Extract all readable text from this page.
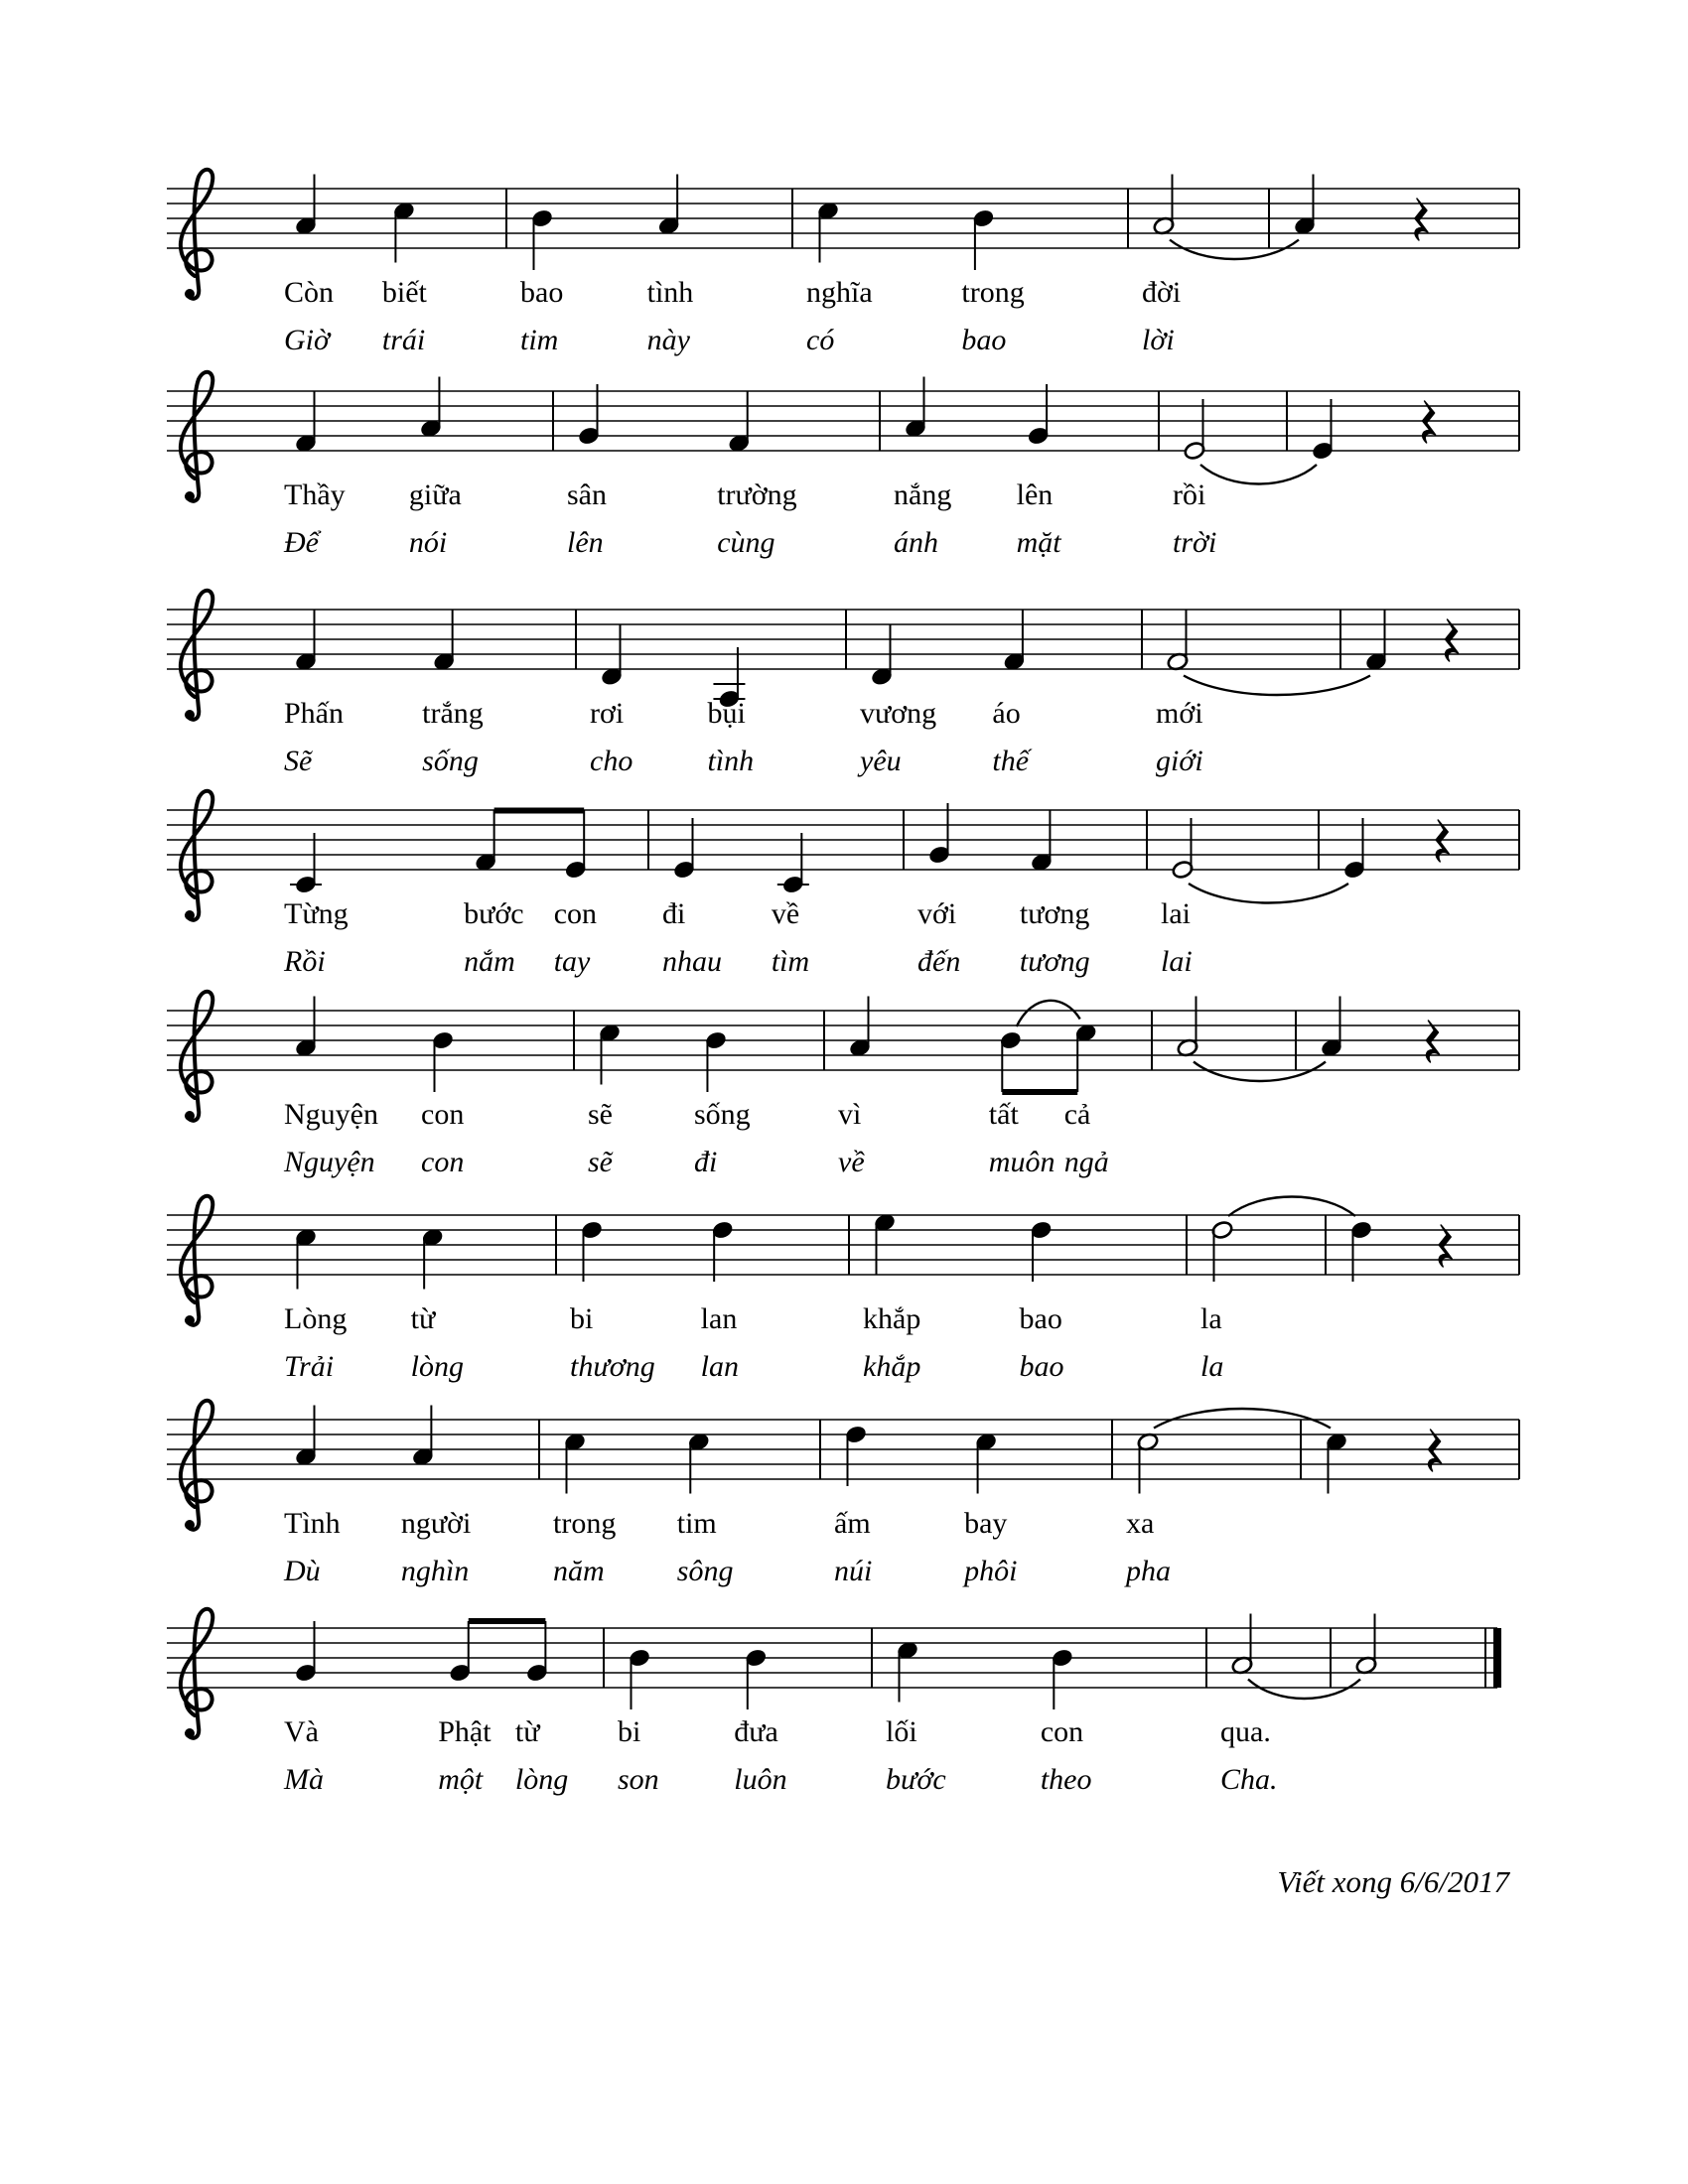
Còn biết	bao	tình	nghĩa	trong	đời
Giờ trái	tim	này	có	bao	lời
Thầy giữa	sân	trường	nắng lên	rồi
Để	nói	lên	cùng	ánh	mặt	trời
Phấn	trắng	rơi	bụi	vương áo	mới
Sẽ	sống	cho	tình	yêu	thế	giới
Từng	bước con đi	về	với tương lai
Rồi	nắm tay nhau tìm	đến tương lai
Nguyện con	sẽ	sống	vì	tất cả
Nguyện con	sẽ	đi	về	muôn ngả
Lòng từ	bi	lan	khắp	bao	la
Trải	lòng	thương lan	khắp	bao	la
Tình người	trong tim	ấm	bay	xa
Dù	nghìn	năm sông	núi	phôi	pha
Và	Phật từ	bi	đưa	lối	con	qua.
Mà	một lòng son	luôn	bước	theo	Cha.
Viết xong 6/6/2017
